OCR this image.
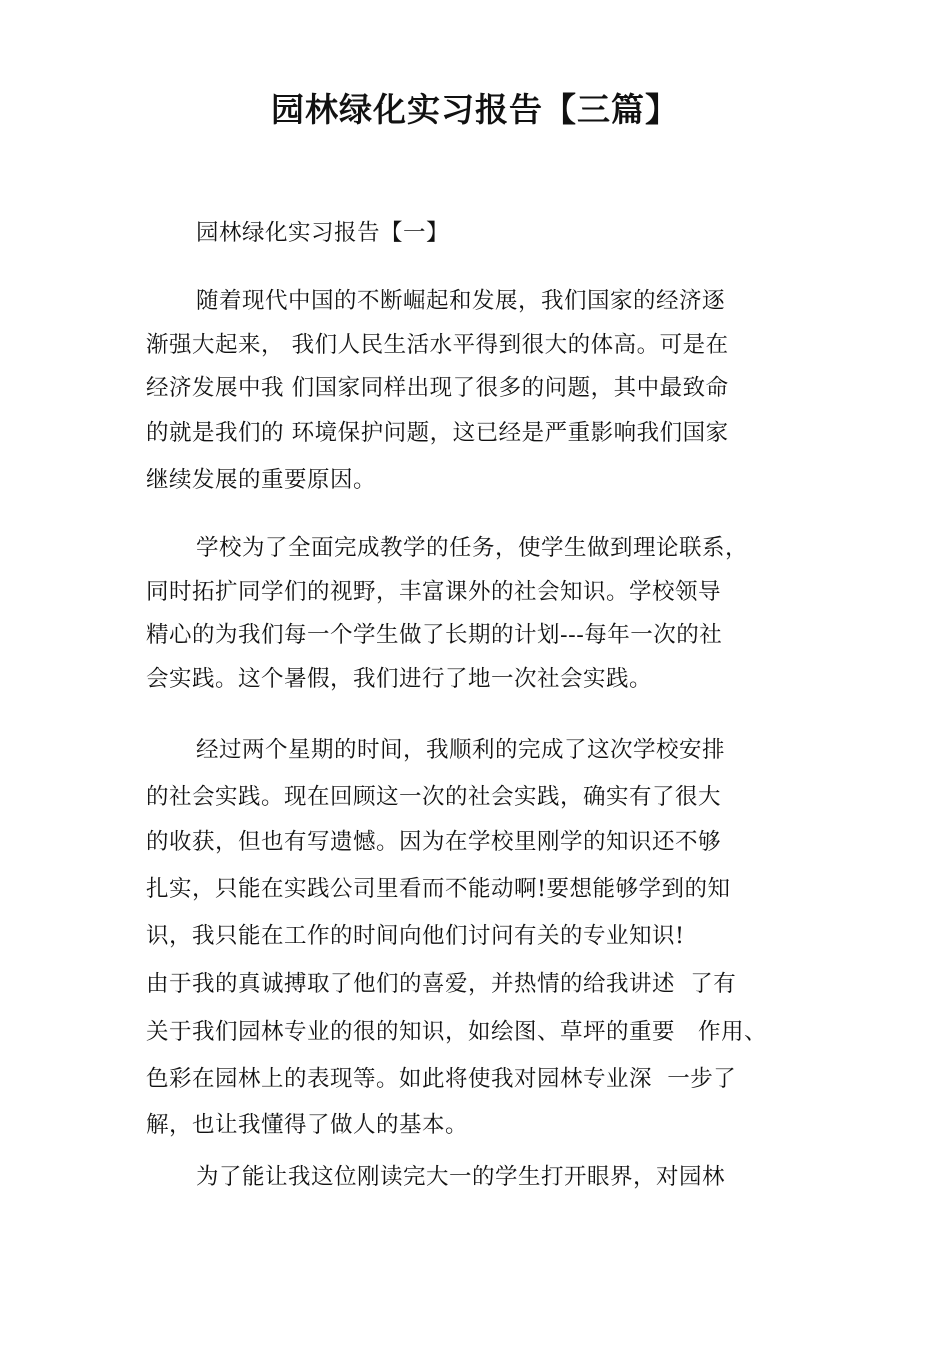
园林绿化实习报告【三篇】
园林绿化实习报告【一】
随着现代中国的不断崛起和发展，我们国家的经济逐
渐强大起来， 我们人民生活水平得到很大的体高。可是在
经济发展中我 们国家同样出现了很多的问题，其中最致命
的就是我们的 环境保护问题，这已经是严重影响我们国家
继续发展的重要原因。
学校为了全面完成教学的任务，使学生做到理论联系，
同时拓扩同学们的视野，丰富课外的社会知识。学校领导
精心的为我们每一个学生做了长期的计划---每年一次的社
会实践。这个暑假，我们进行了地一次社会实践。
经过两个星期的时间，我顺利的完成了这次学校安排
的社会实践。现在回顾这一次的社会实践，确实有了很大
的收获，但也有写遗憾。因为在学校里刚学的知识还不够
扎实，只能在实践公司里看而不能动啊!要想能够学到的知
识，我只能在工作的时间向他们讨问有关的专业知识!
由于我的真诚搏取了他们的喜爱，并热情的给我讲述  了有
关于我们园林专业的很的知识，如绘图、草坪的重要   作用、
色彩在园林上的表现等。如此将使我对园林专业深  一步了
解，也让我懂得了做人的基本。
为了能让我这位刚读完大一的学生打开眼界，对园林
